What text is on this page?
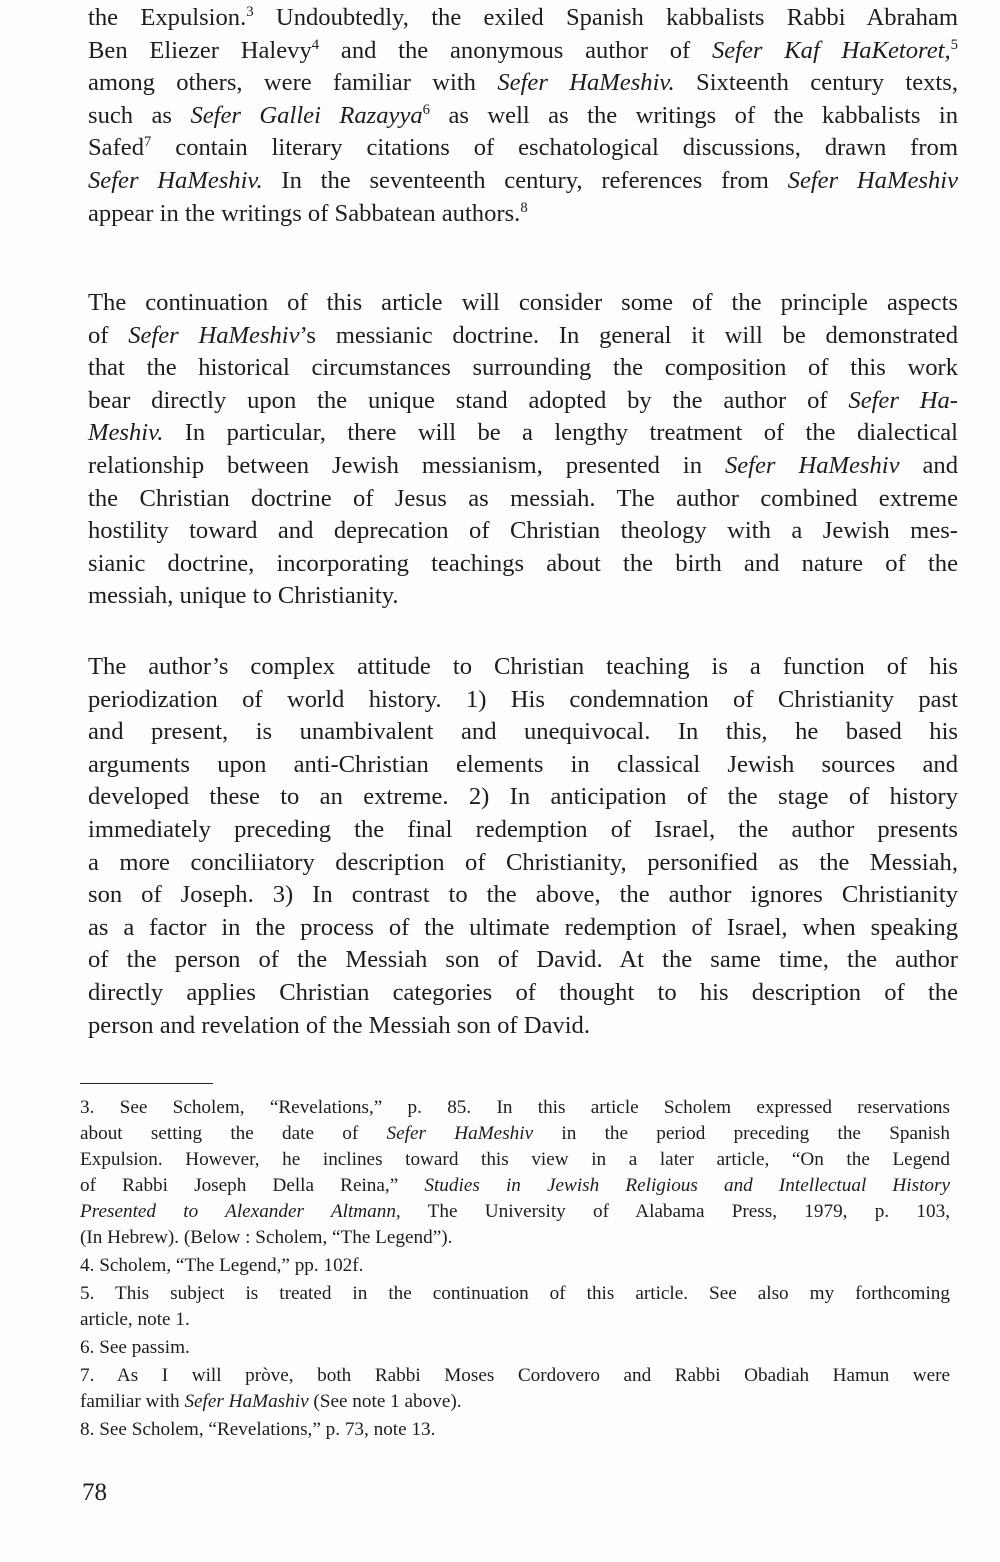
the Expulsion.$^3$ Undoubtedly, the exiled Spanish kabbalists Rabbi Abraham
Ben Eliezer Halevy$^4$ and the anonymous author of Sefer Kaf HaKetoret,$^5$
among others, were familiar with Sefer HaMeshiv. Sixteenth century texts,
such as Sefer Gallei Razayya$^6$ as well as the writings of the kabbalists in
Safed$^7$ contain literary citations of eschatological discussions, drawn from
Sefer HaMeshiv. In the seventeenth century, references from Sefer HaMeshiv
appear in the writings of Sabbatean authors.$^8$

The continuation of this article will consider some of the principle aspects
of Sefer HaMeshiv’s messianic doctrine. In general it will be demonstrated
that the historical circumstances surrounding the composition of this work
bear directly upon the unique stand adopted by the author of Sefer Ha-
Meshiv. In particular, there will be a lengthy treatment of the dialectical
relationship between Jewish messianism, presented in Sefer HaMeshiv and
the Christian doctrine of Jesus as messiah. The author combined extreme
hostility toward and deprecation of Christian theology with a Jewish mes-
sianic doctrine, incorporating teachings about the birth and nature of the
messiah, unique to Christianity.

The author’s complex attitude to Christian teaching is a function of his
periodization of world history. 1) His condemnation of Christianity past
and present, is unambivalent and unequivocal. In this, he based his
arguments upon anti-Christian elements in classical Jewish sources and
developed these to an extreme. 2) In anticipation of the stage of history
immediately preceding the final redemption of Israel, the author presents
a more conciliiatory description of Christianity, personified as the Messiah,
son of Joseph. 3) In contrast to the above, the author ignores Christianity
as a factor in the process of the ultimate redemption of Israel, when speaking
of the person of the Messiah son of David. At the same time, the author
directly applies Christian categories of thought to his description of the
person and revelation of the Messiah son of David.

3. See Scholem, “Revelations,” p. 85. In this article Scholem expressed reservations
about setting the date of Sefer HaMeshiv in the period preceding the Spanish
Expulsion. However, he inclines toward this view in a later article, “On the Legend
of Rabbi Joseph Della Reina,” Studies in Jewish Religious and Intellectual History
Presented to Alexander Altmann, The University of Alabama Press, 1979, p. 103,
(In Hebrew). (Below : Scholem, “The Legend”).

4. Scholem, “The Legend,” pp. 102f.

5. This subject is treated in the continuation of this article. See also my forthcoming
article, note 1.

6. See passim.

7. As I will pròve, both Rabbi Moses Cordovero and Rabbi Obadiah Hamun were
familiar with Sefer HaMashiv (See note 1 above).

8. See Scholem, “Revelations,” p. 73, note 13.

78
